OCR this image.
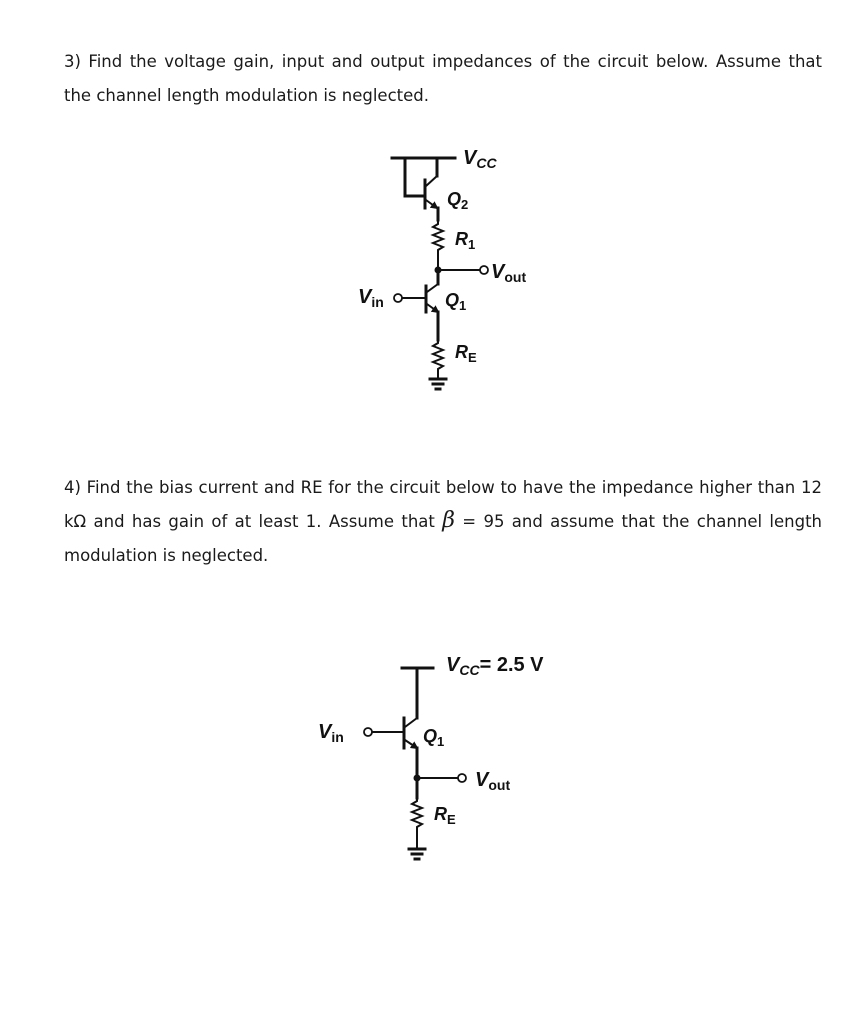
3) Find the voltage gain, input and output impedances of the circuit below. Assume that the channel length modulation is neglected.
4) Find the bias current and RE for the circuit below to have the impedance higher than 12 kΩ and has gain of at least 1. Assume that β = 95 and assume that the channel length modulation is neglected.
$V_{CC}$
$Q_2$
$R_1$
$V_{out}$
$V_{in}$	$Q_1$
$R_E$
$V_{CC}= 2.5$ V
$V_{in}$	$Q_1$
$V_{out}$
$R_E$
